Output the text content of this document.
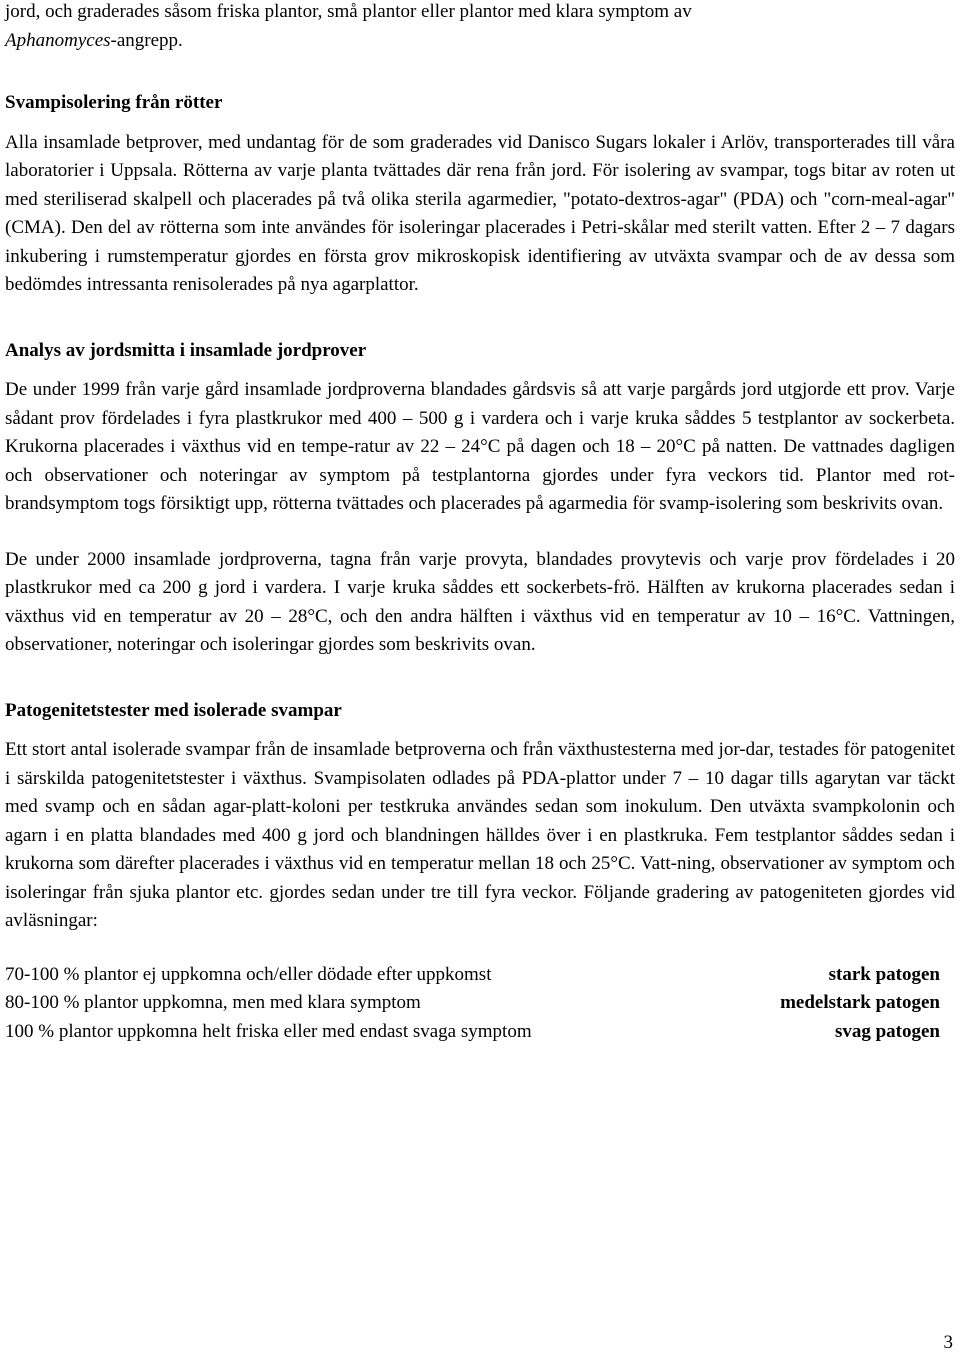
jord, och graderades såsom friska plantor, små plantor eller plantor med klara symptom av
Aphanomyces-angrepp.

Svampisolering från rötter

Alla insamlade betprover, med undantag för de som graderades vid Danisco Sugars lokaler i Arlöv, transporterades till våra laboratorier i Uppsala. Rötterna av varje planta tvättades där rena från jord. För isolering av svampar, togs bitar av roten ut med steriliserad skalpell och placerades på två olika sterila agarmedier, "potato-dextros-agar" (PDA) och "corn-meal-agar" (CMA). Den del av rötterna som inte användes för isoleringar placerades i Petri-skålar med sterilt vatten. Efter 2 – 7 dagars inkubering i rumstemperatur gjordes en första grov mikroskopisk identifiering av utväxta svampar och de av dessa som bedömdes intressanta renisolerades på nya agarplattor.

Analys av jordsmitta i insamlade jordprover

De under 1999 från varje gård insamlade jordproverna blandades gårdsvis så att varje pargårds jord utgjorde ett prov. Varje sådant prov fördelades i fyra plastkrukor med 400 – 500 g i vardera och i varje kruka såddes 5 testplantor av sockerbeta. Krukorna placerades i växthus vid en tempe-ratur av 22 – 24°C på dagen och 18 – 20°C på natten. De vattnades dagligen och observationer och noteringar av symptom på testplantorna gjordes under fyra veckors tid. Plantor med rot-brandsymptom togs försiktigt upp, rötterna tvättades och placerades på agarmedia för svamp-isolering som beskrivits ovan.

De under 2000 insamlade jordproverna, tagna från varje provyta, blandades provytevis och varje prov fördelades i 20 plastkrukor med ca 200 g jord i vardera. I varje kruka såddes ett sockerbets-frö. Hälften av krukorna placerades sedan i växthus vid en temperatur av 20 – 28°C, och den andra hälften i växthus vid en temperatur av 10 – 16°C. Vattningen, observationer, noteringar och isoleringar gjordes som beskrivits ovan.

Patogenitetstester med isolerade svampar

Ett stort antal isolerade svampar från de insamlade betproverna och från växthustesterna med jor-dar, testades för patogenitet i särskilda patogenitetstester i växthus. Svampisolaten odlades på PDA-plattor under 7 – 10 dagar tills agarytan var täckt med svamp och en sådan agar-platt-koloni per testkruka användes sedan som inokulum. Den utväxta svampkolonin och agarn i en platta blandades med 400 g jord och blandningen hälldes över i en plastkruka. Fem testplantor såddes sedan i krukorna som därefter placerades i växthus vid en temperatur mellan 18 och 25°C. Vatt-ning, observationer av symptom och isoleringar från sjuka plantor etc. gjordes sedan under tre till fyra veckor. Följande gradering av patogeniteten gjordes vid avläsningar:

70-100 % plantor ej uppkomna och/eller dödade efter uppkomst	stark patogen
80-100 % plantor uppkomna, men med klara symptom	medelstark patogen
100 % plantor uppkomna helt friska eller med endast svaga symptom	svag patogen
3
